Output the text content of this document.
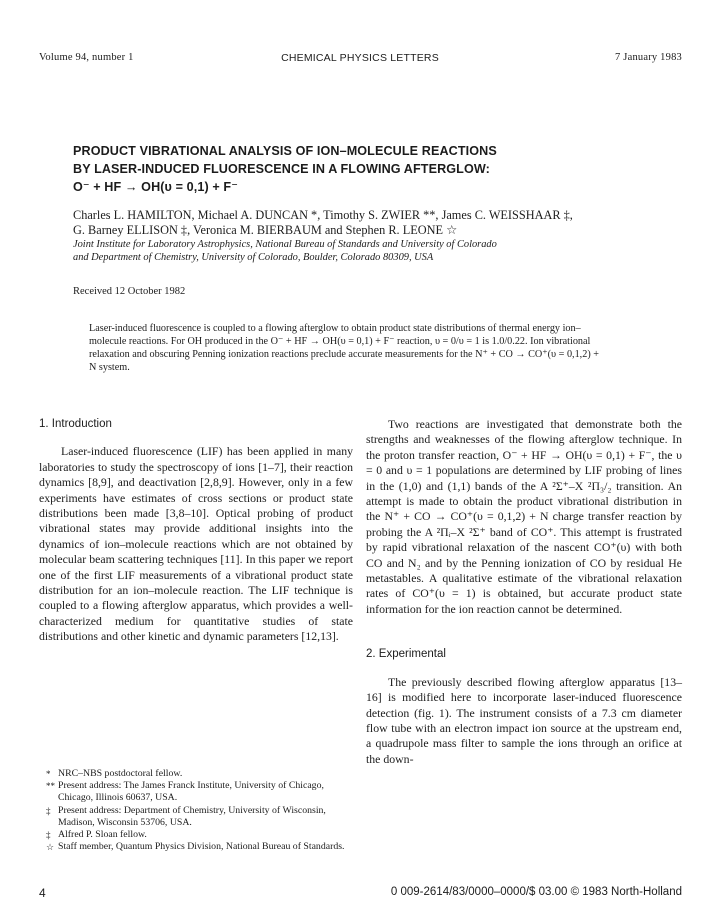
Volume 94, number 1	CHEMICAL PHYSICS LETTERS	7 January 1983
PRODUCT VIBRATIONAL ANALYSIS OF ION–MOLECULE REACTIONS
BY LASER-INDUCED FLUORESCENCE IN A FLOWING AFTERGLOW:
O⁻ + HF → OH(υ = 0,1) + F⁻
Charles L. HAMILTON, Michael A. DUNCAN *, Timothy S. ZWIER **, James C. WEISSHAAR ‡,
G. Barney ELLISON ‡, Veronica M. BIERBAUM and Stephen R. LEONE ☆
Joint Institute for Laboratory Astrophysics, National Bureau of Standards and University of Colorado
and Department of Chemistry, University of Colorado, Boulder, Colorado 80309, USA
Received 12 October 1982
Laser-induced fluorescence is coupled to a flowing afterglow to obtain product state distributions of thermal energy ion–
molecule reactions. For OH produced in the O⁻ + HF → OH(υ = 0,1) + F⁻ reaction, υ = 0/υ = 1 is 1.0/0.22. Ion vibrational
relaxation and obscuring Penning ionization reactions preclude accurate measurements for the N⁺ + CO → CO⁺(υ = 0,1,2) +
N system.
1. Introduction

Laser-induced fluorescence (LIF) has been applied in many laboratories to study the spectroscopy of ions [1–7], their reaction dynamics [8,9], and deactivation [2,8,9]. However, only in a few experiments have estimates of cross sections or product state distributions been made [3,8–10]. Optical probing of product vibrational states may provide additional insights into the dynamics of ion–molecule reactions which are not obtained by molecular beam scattering techniques [11]. In this paper we report one of the first LIF measurements of a vibrational product state distribution for an ion–molecule reaction. The LIF technique is coupled to a flowing afterglow apparatus, which provides a well-characterized medium for quantitative studies of state distributions and other kinetic and dynamic parameters [12,13].

* NRC–NBS postdoctoral fellow.
** Present address: The James Franck Institute, University of Chicago, Chicago, Illinois 60637, USA.
‡ Present address: Department of Chemistry, University of Wisconsin, Madison, Wisconsin 53706, USA.
‡ Alfred P. Sloan fellow.
☆ Staff member, Quantum Physics Division, National Bureau of Standards.

Two reactions are investigated that demonstrate both the strengths and weaknesses of the flowing afterglow technique. In the proton transfer reaction, O⁻ + HF → OH(υ = 0,1) + F⁻, the υ = 0 and υ = 1 populations are determined by LIF probing of lines in the (1,0) and (1,1) bands of the A ²Σ⁺–X ²Π₃/₂ transition. An attempt is made to obtain the product vibrational distribution in the N⁺ + CO → CO⁺(υ = 0,1,2) + N charge transfer reaction by probing the A ²Πᵢ–X ²Σ⁺ band of CO⁺. This attempt is frustrated by rapid vibrational relaxation of the nascent CO⁺(υ) with both CO and N₂ and by the Penning ionization of CO by residual He metastables. A qualitative estimate of the vibrational relaxation rates of CO⁺(υ = 1) is obtained, but accurate product state information for the ion reaction cannot be determined.

2. Experimental

The previously described flowing afterglow apparatus [13–16] is modified here to incorporate laser-induced fluorescence detection (fig. 1). The instrument consists of a 7.3 cm diameter flow tube with an electron impact ion source at the upstream end, a quadrupole mass filter to sample the ions through an orifice at the down-

4	0 009-2614/83/0000–0000/$ 03.00 © 1983 North-Holland
